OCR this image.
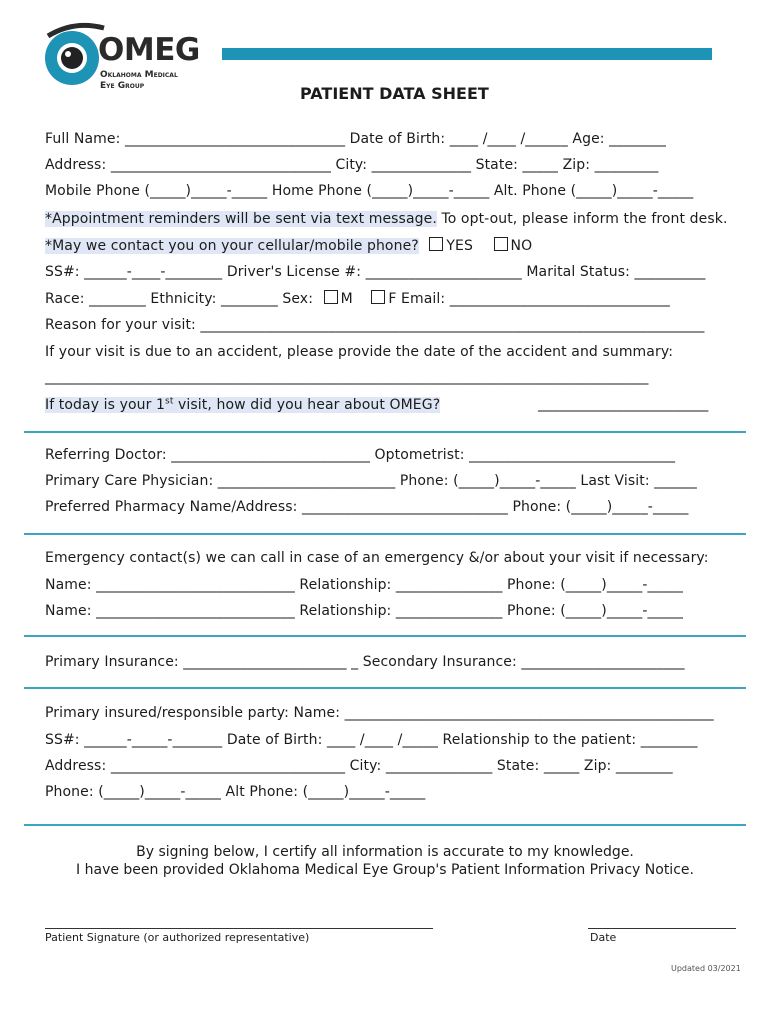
OMEG
Oklahoma Medical
Eye Group	PATIENT DATA SHEET
Full Name: _______________________________ Date of Birth: ____ /____ /______ Age: ________
Address: _______________________________ City: ______________ State: _____ Zip: _________
Mobile Phone (_____)_____-_____ Home Phone (_____)_____-_____ Alt. Phone (_____)_____-_____
*Appointment reminders will be sent via text message. To opt-out, please inform the front desk.
*May we contact you on your cellular/mobile phone? YES	NO
SS#: ______-____-________ Driver's License #: ______________________ Marital Status: __________
Race: ________ Ethnicity: ________ Sex: M	F Email: _______________________________
Reason for your visit: _______________________________________________________________________
If your visit is due to an accident, please provide the date of the accident and summary:
_____________________________________________________________________________________
If today is your 1st visit, how did you hear about OMEG?	________________________
Referring Doctor: ____________________________ Optometrist: _____________________________
Primary Care Physician: _________________________ Phone: (_____)_____-_____ Last Visit: ______
Preferred Pharmacy Name/Address: _____________________________ Phone: (_____)_____-_____
Emergency contact(s) we can call in case of an emergency &/or about your visit if necessary:
Name: ____________________________ Relationship: _______________ Phone: (_____)_____-_____
Name: ____________________________ Relationship: _______________ Phone: (_____)_____-_____
Primary Insurance: _______________________ _ Secondary Insurance: _______________________
Primary insured/responsible party: Name: ____________________________________________________
SS#: ______-_____-_______ Date of Birth: ____ /____ /_____ Relationship to the patient: ________
Address: _________________________________ City: _______________ State: _____ Zip: ________
Phone: (_____)_____-_____ Alt Phone: (_____)_____-_____
By signing below, I certify all information is accurate to my knowledge.
I have been provided Oklahoma Medical Eye Group's Patient Information Privacy Notice.
Patient Signature (or authorized representative)	Date
Updated 03/2021
